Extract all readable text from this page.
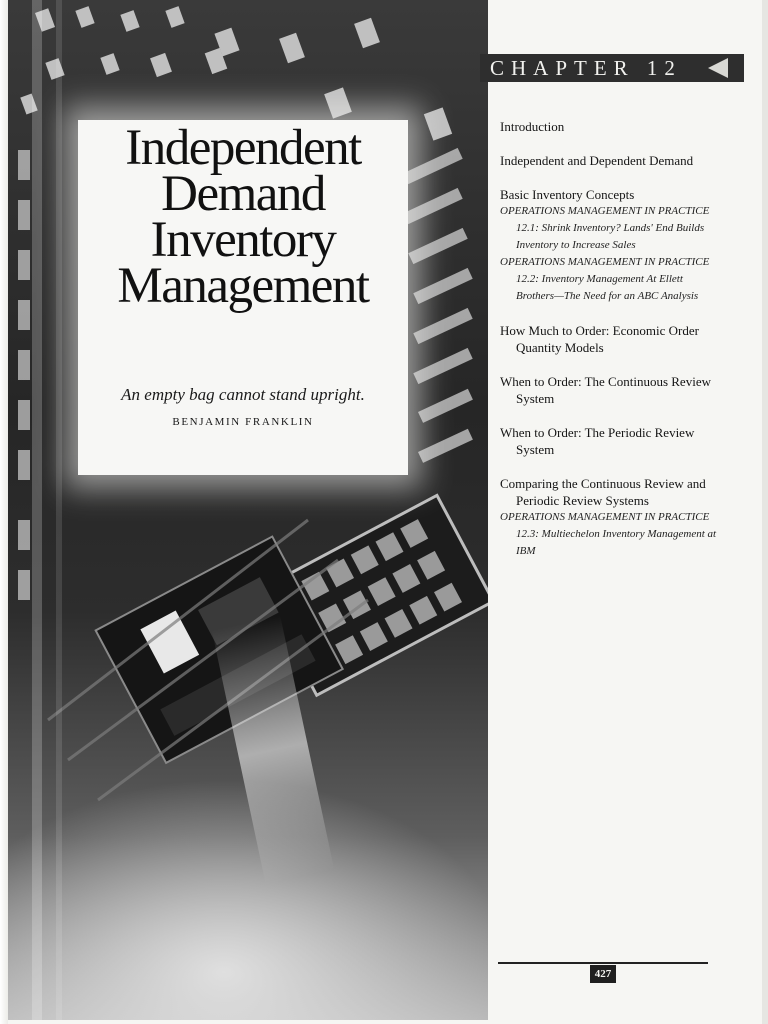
Independent
Demand
Inventory
Management
An empty bag cannot stand upright.
BENJAMIN FRANKLIN
CHAPTER 12
Introduction
Independent and Dependent Demand
Basic Inventory Concepts
OPERATIONS MANAGEMENT IN PRACTICE 12.1: Shrink Inventory? Lands' End Builds Inventory to Increase Sales
OPERATIONS MANAGEMENT IN PRACTICE 12.2: Inventory Management At Ellett Brothers—The Need for an ABC Analysis
How Much to Order: Economic Order Quantity Models
When to Order: The Continuous Review System
When to Order: The Periodic Review System
Comparing the Continuous Review and Periodic Review Systems
OPERATIONS MANAGEMENT IN PRACTICE 12.3: Multiechelon Inventory Management at IBM
427
